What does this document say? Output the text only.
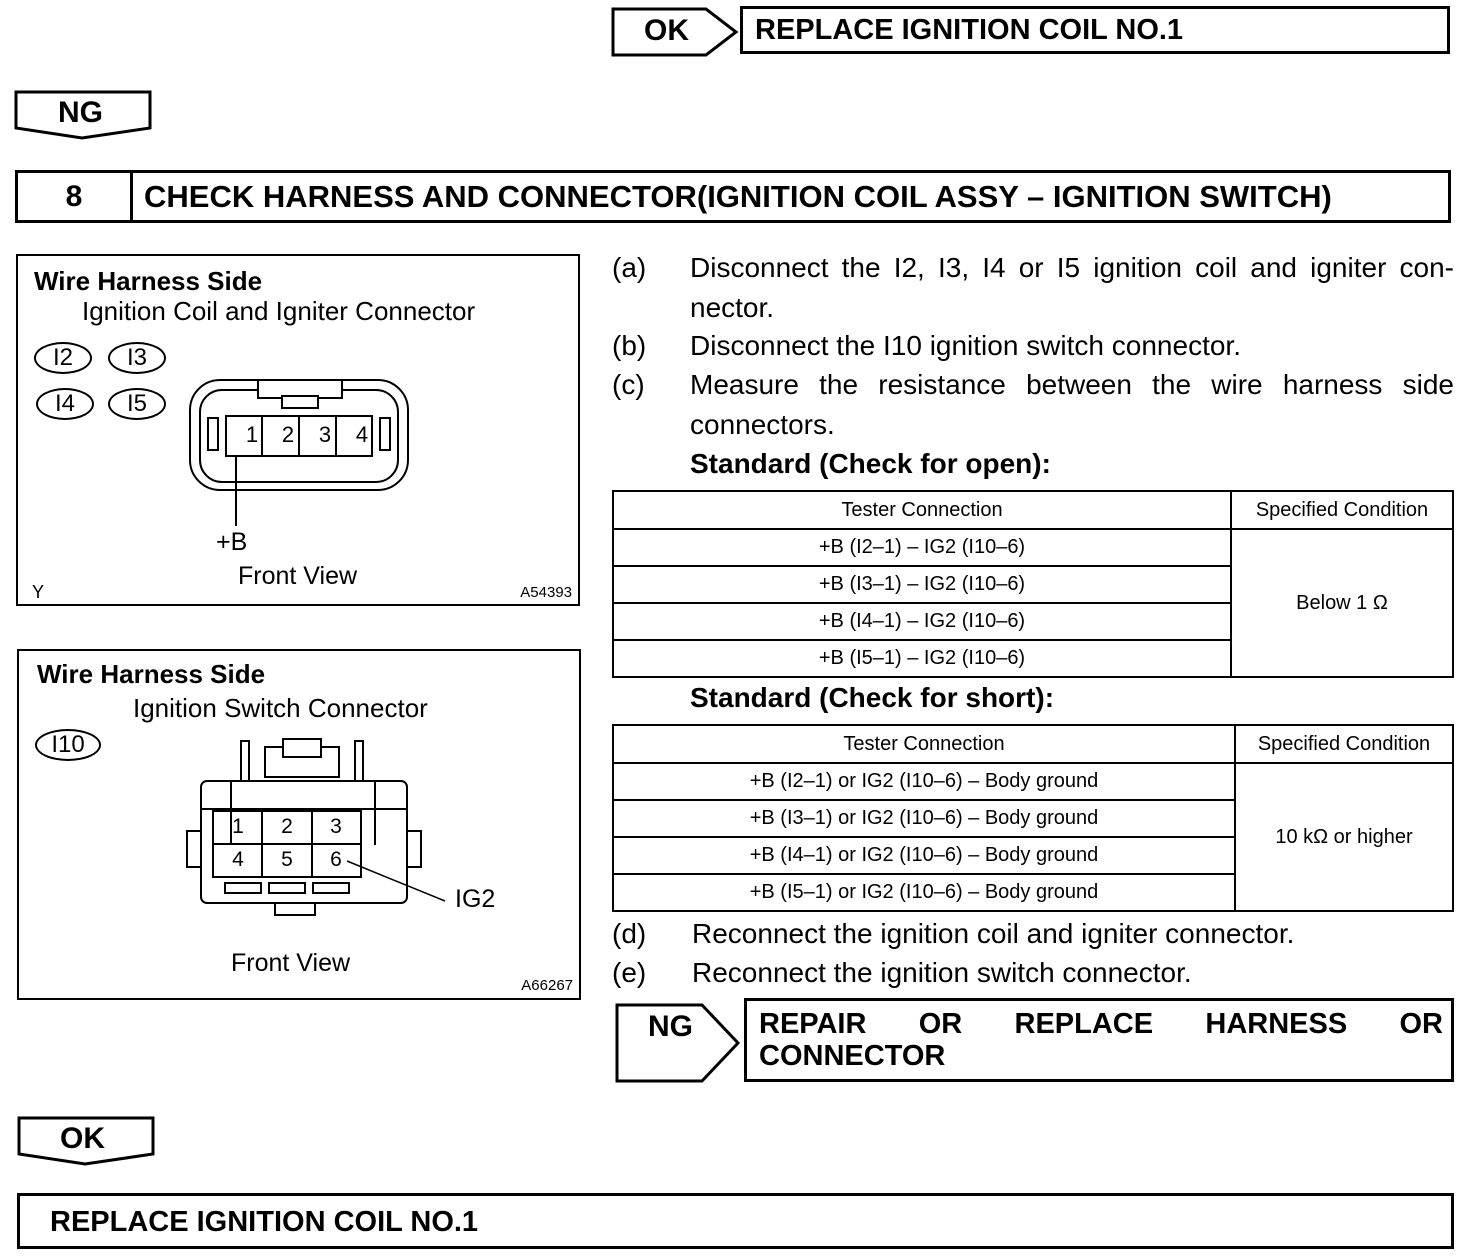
OK REPLACE IGNITION COIL NO.1
NG
8	CHECK HARNESS AND CONNECTOR(IGNITION COIL ASSY – IGNITION SWITCH)
Wire Harness Side
Ignition Coil and Igniter Connector
I2	I3
I4	I5
1	2	3	4
+B
Front View
Y	A54393
Wire Harness Side
Ignition Switch Connector
I10
1	2	3
4	5	6
IG2
Front View
A66267
(a) Disconnect the I2, I3, I4 or I5 ignition coil and igniter con- nector.
(b) Disconnect the I10 ignition switch connector.
(c) Measure the resistance between the wire harness side connectors.
Standard (Check for open):
Tester Connection	Specified Condition
+B (I2–1) – IG2 (I10–6)	Below 1 Ω
+B (I3–1) – IG2 (I10–6)	
+B (I4–1) – IG2 (I10–6)	
+B (I5–1) – IG2 (I10–6)	
Standard (Check for short):
Tester Connection	Specified Condition
+B (I2–1) or IG2 (I10–6) – Body ground	10 kΩ or higher
+B (I3–1) or IG2 (I10–6) – Body ground	
+B (I4–1) or IG2 (I10–6) – Body ground	
+B (I5–1) or IG2 (I10–6) – Body ground	
(d) Reconnect the ignition coil and igniter connector.
(e) Reconnect the ignition switch connector.
NG REPAIR OR REPLACE HARNESS OR
CONNECTOR
OK
REPLACE IGNITION COIL NO.1
